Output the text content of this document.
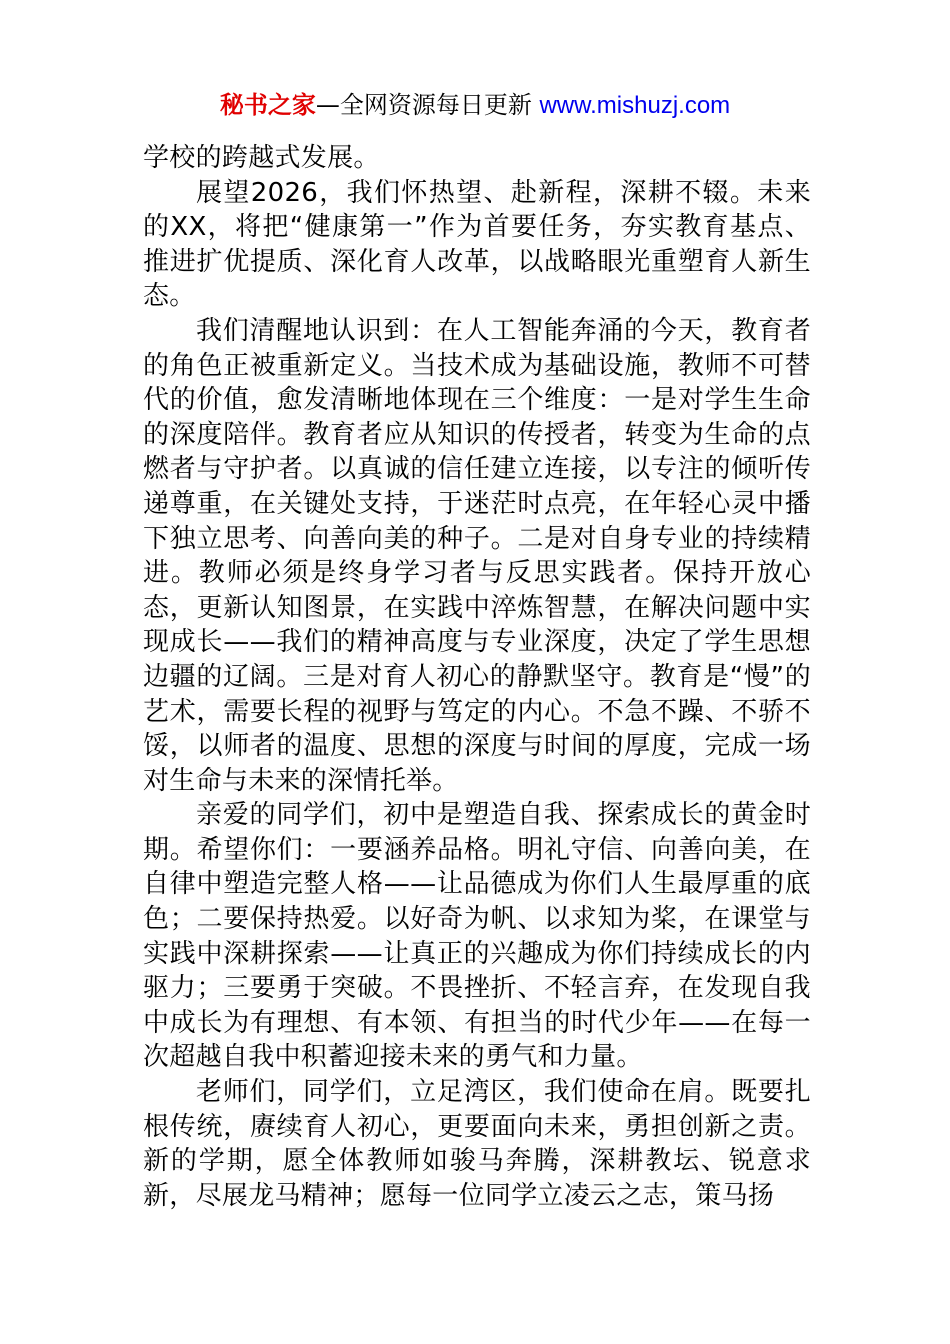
秘书之家—全网资源每日更新 www.mishuzj.com

学校的跨越式发展。

展望2026，我们怀热望、赴新程，深耕不辍。未来的XX，将把“健康第一”作为首要任务，夯实教育基点、推进扩优提质、深化育人改革，以战略眼光重塑育人新生态。

我们清醒地认识到：在人工智能奔涌的今天，教育者的角色正被重新定义。当技术成为基础设施，教师不可替代的价值，愈发清晰地体现在三个维度：一是对学生生命的深度陪伴。教育者应从知识的传授者，转变为生命的点燃者与守护者。以真诚的信任建立连接，以专注的倾听传递尊重，在关键处支持，于迷茫时点亮，在年轻心灵中播下独立思考、向善向美的种子。二是对自身专业的持续精进。教师必须是终身学习者与反思实践者。保持开放心态，更新认知图景，在实践中淬炼智慧，在解决问题中实现成长——我们的精神高度与专业深度，决定了学生思想边疆的辽阔。三是对育人初心的静默坚守。教育是“慢”的艺术，需要长程的视野与笃定的内心。不急不躁、不骄不馁，以师者的温度、思想的深度与时间的厚度，完成一场对生命与未来的深情托举。

亲爱的同学们，初中是塑造自我、探索成长的黄金时期。希望你们：一要涵养品格。明礼守信、向善向美，在自律中塑造完整人格——让品德成为你们人生最厚重的底色；二要保持热爱。以好奇为帆、以求知为桨，在课堂与实践中深耕探索——让真正的兴趣成为你们持续成长的内驱力；三要勇于突破。不畏挫折、不轻言弃，在发现自我中成长为有理想、有本领、有担当的时代少年——在每一次超越自我中积蓄迎接未来的勇气和力量。

老师们，同学们，立足湾区，我们使命在肩。既要扎根传统，赓续育人初心，更要面向未来，勇担创新之责。新的学期，愿全体教师如骏马奔腾，深耕教坛、锐意求新，尽展龙马精神；愿每一位同学立凌云之志，策马扬
